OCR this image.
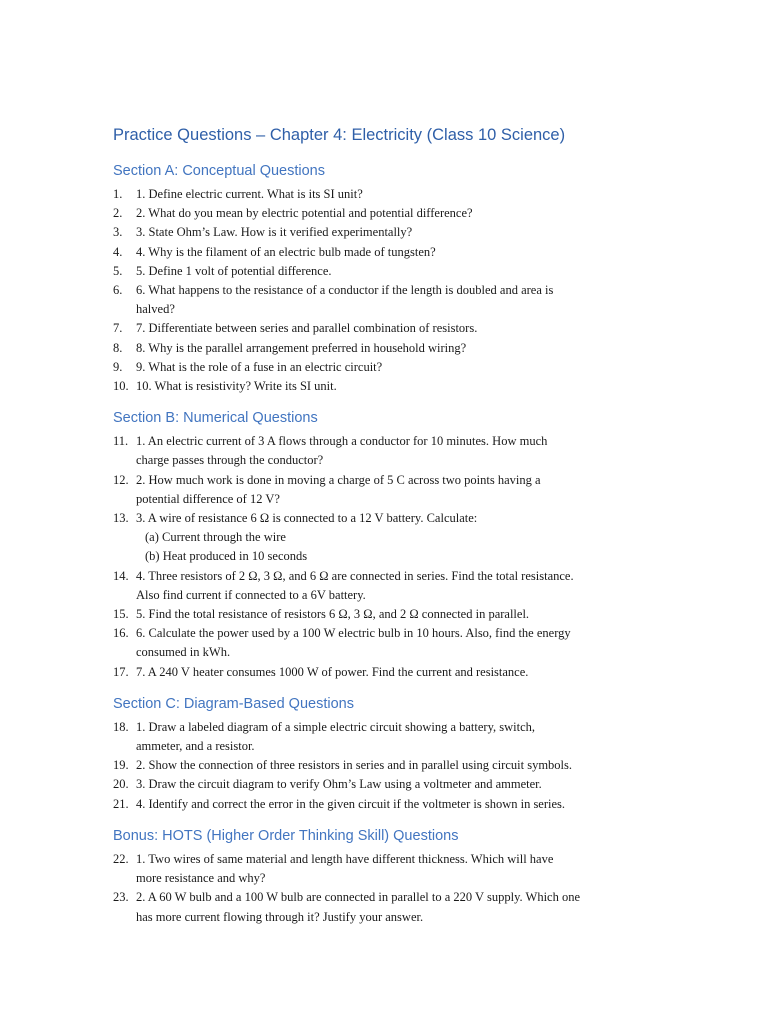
Practice Questions – Chapter 4: Electricity (Class 10 Science)
Section A: Conceptual Questions
1. 1. Define electric current. What is its SI unit?
2. 2. What do you mean by electric potential and potential difference?
3. 3. State Ohm’s Law. How is it verified experimentally?
4. 4. Why is the filament of an electric bulb made of tungsten?
5. 5. Define 1 volt of potential difference.
6. 6. What happens to the resistance of a conductor if the length is doubled and area is
halved?
7. 7. Differentiate between series and parallel combination of resistors.
8. 8. Why is the parallel arrangement preferred in household wiring?
9. 9. What is the role of a fuse in an electric circuit?
10. 10. What is resistivity? Write its SI unit.
Section B: Numerical Questions
11. 1. An electric current of 3 A flows through a conductor for 10 minutes. How much
charge passes through the conductor?
12. 2. How much work is done in moving a charge of 5 C across two points having a
potential difference of 12 V?
13. 3. A wire of resistance 6 Ω is connected to a 12 V battery. Calculate:
(a) Current through the wire
(b) Heat produced in 10 seconds
14. 4. Three resistors of 2 Ω, 3 Ω, and 6 Ω are connected in series. Find the total resistance.
Also find current if connected to a 6V battery.
15. 5. Find the total resistance of resistors 6 Ω, 3 Ω, and 2 Ω connected in parallel.
16. 6. Calculate the power used by a 100 W electric bulb in 10 hours. Also, find the energy
consumed in kWh.
17. 7. A 240 V heater consumes 1000 W of power. Find the current and resistance.
Section C: Diagram-Based Questions
18. 1. Draw a labeled diagram of a simple electric circuit showing a battery, switch,
ammeter, and a resistor.
19. 2. Show the connection of three resistors in series and in parallel using circuit symbols.
20. 3. Draw the circuit diagram to verify Ohm’s Law using a voltmeter and ammeter.
21. 4. Identify and correct the error in the given circuit if the voltmeter is shown in series.
Bonus: HOTS (Higher Order Thinking Skill) Questions
22. 1. Two wires of same material and length have different thickness. Which will have
more resistance and why?
23. 2. A 60 W bulb and a 100 W bulb are connected in parallel to a 220 V supply. Which one
has more current flowing through it? Justify your answer.
